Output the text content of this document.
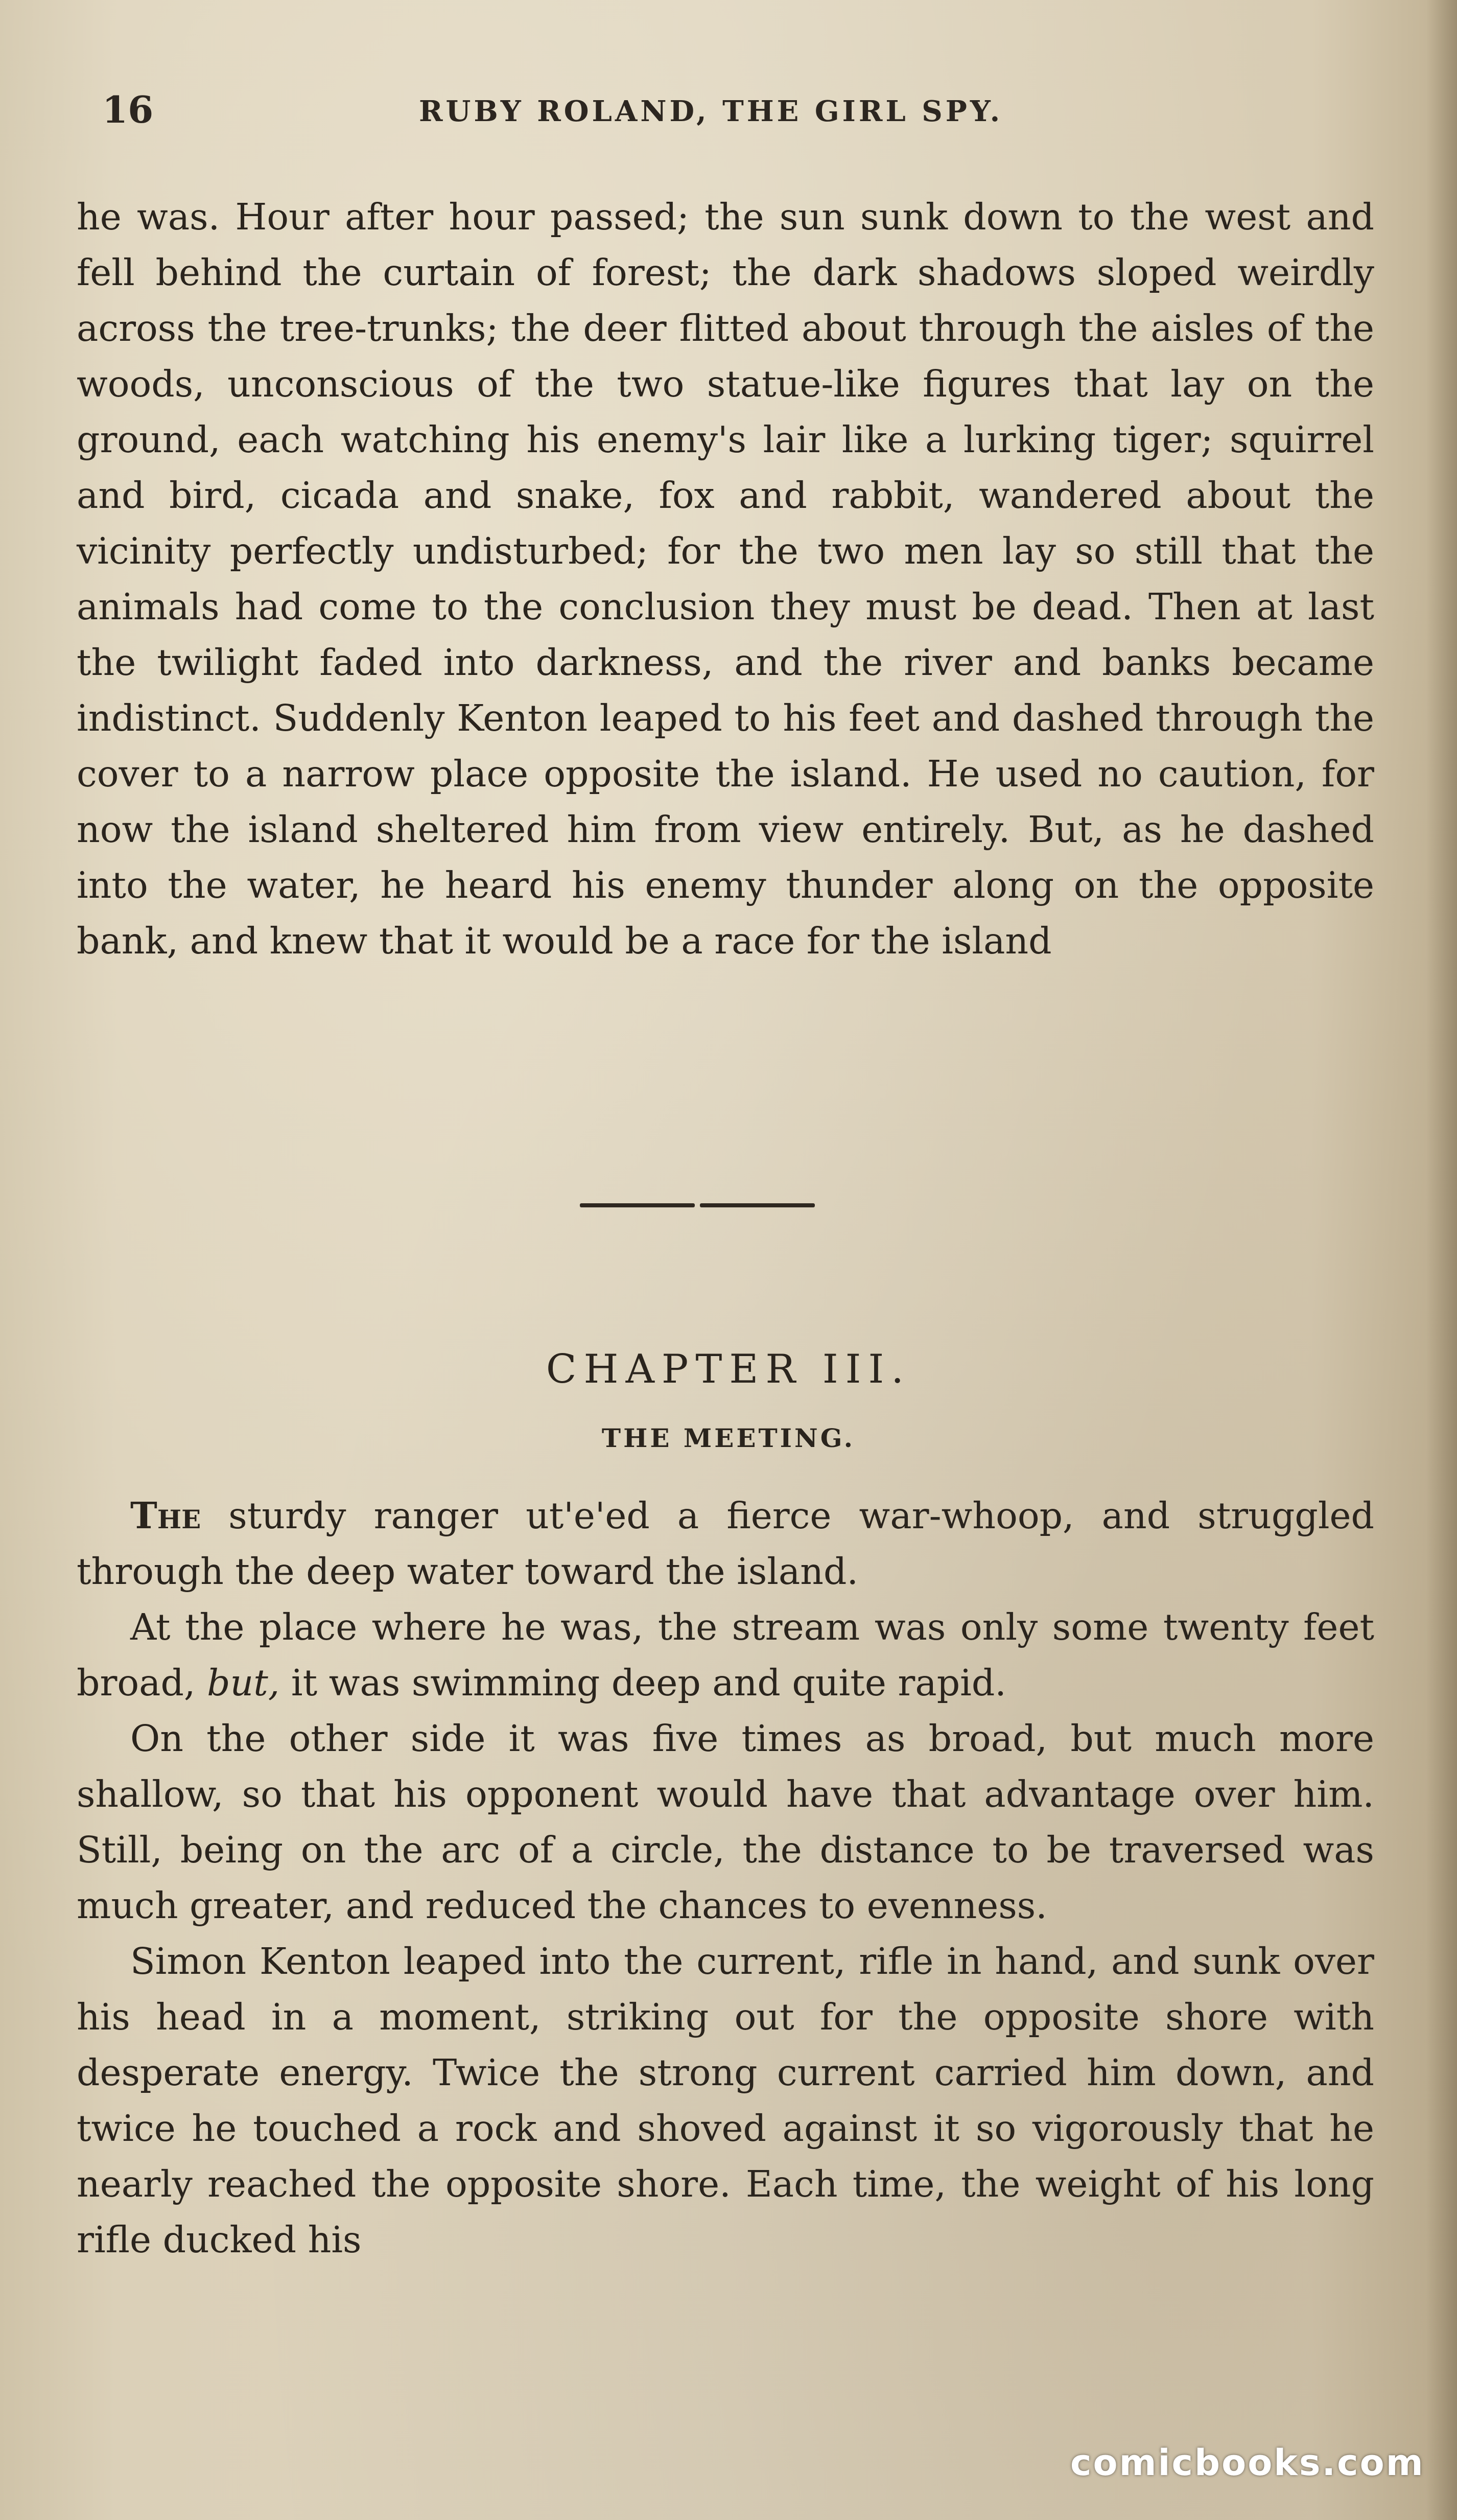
16	RUBY ROLAND, THE GIRL SPY.

he was. Hour after hour passed; the sun sunk down to the west and fell behind the curtain of forest; the dark shadows sloped weirdly across the tree-trunks; the deer flitted about through the aisles of the woods, unconscious of the two statue-like figures that lay on the ground, each watching his enemy's lair like a lurking tiger; squirrel and bird, cicada and snake, fox and rabbit, wandered about the vicinity perfectly undisturbed; for the two men lay so still that the animals had come to the conclusion they must be dead. Then at last the twilight faded into darkness, and the river and banks became indistinct. Suddenly Kenton leaped to his feet and dashed through the cover to a narrow place opposite the island. He used no caution, for now the island sheltered him from view entirely. But, as he dashed into the water, he heard his enemy thunder along on the opposite bank, and knew that it would be a race for the island

CHAPTER III.
THE MEETING.

The sturdy ranger ut'e'ed a fierce war-whoop, and struggled through the deep water toward the island.

At the place where he was, the stream was only some twenty feet broad, but, it was swimming deep and quite rapid.

On the other side it was five times as broad, but much more shallow, so that his opponent would have that advantage over him. Still, being on the arc of a circle, the distance to be traversed was much greater, and reduced the chances to evenness.

Simon Kenton leaped into the current, rifle in hand, and sunk over his head in a moment, striking out for the opposite shore with desperate energy. Twice the strong current carried him down, and twice he touched a rock and shoved against it so vigorously that he nearly reached the opposite shore. Each time, the weight of his long rifle ducked his

comicbooks.com
